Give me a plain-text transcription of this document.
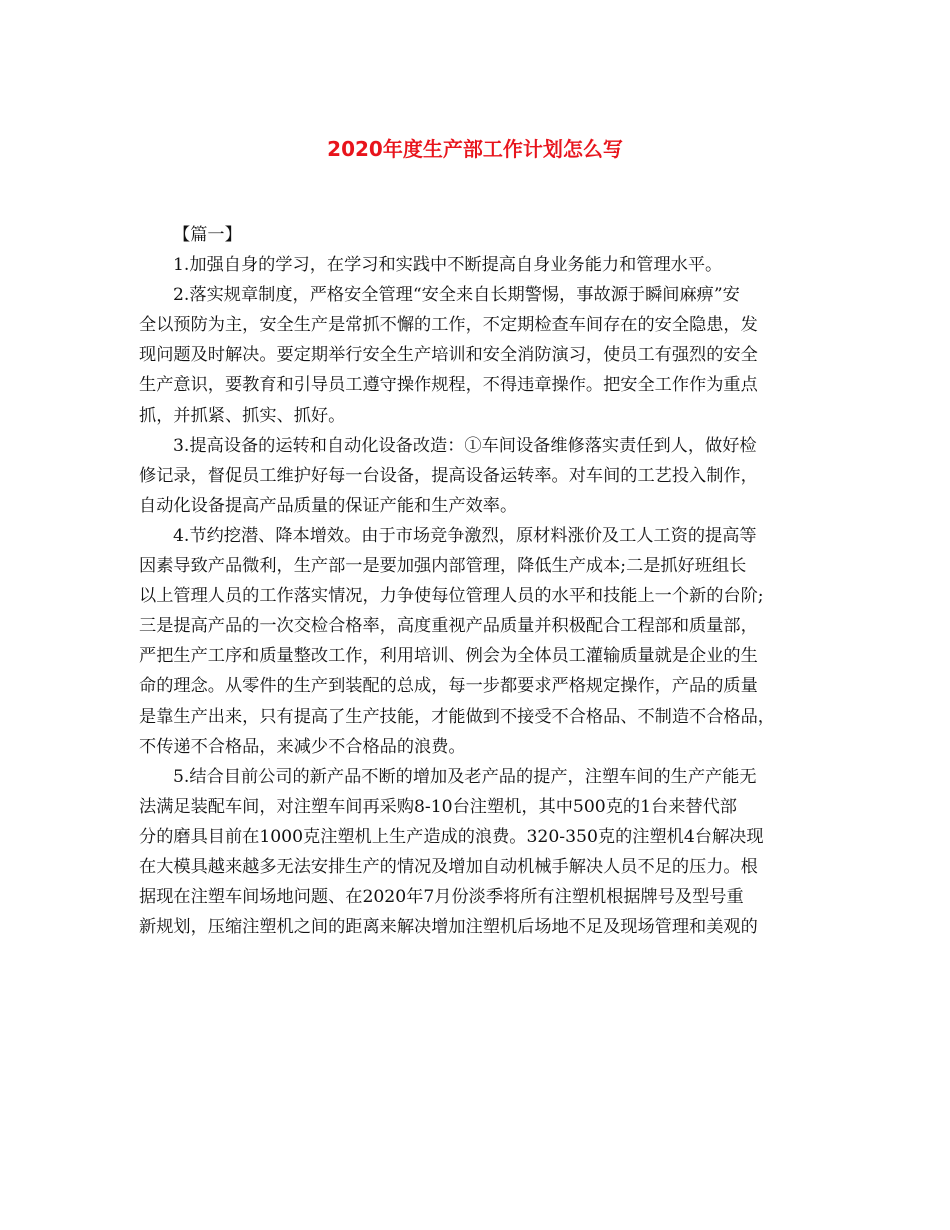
2020年度生产部工作计划怎么写
【篇一】
1.加强自身的学习，在学习和实践中不断提高自身业务能力和管理水平。
2.落实规章制度，严格安全管理“安全来自长期警惕，事故源于瞬间麻痹”安
全以预防为主，安全生产是常抓不懈的工作，不定期检查车间存在的安全隐患，发
现问题及时解决。要定期举行安全生产培训和安全消防演习，使员工有强烈的安全
生产意识，要教育和引导员工遵守操作规程，不得违章操作。把安全工作作为重点
抓，并抓紧、抓实、抓好。
3.提高设备的运转和自动化设备改造：①车间设备维修落实责任到人，做好检
修记录，督促员工维护好每一台设备，提高设备运转率。对车间的工艺投入制作，
自动化设备提高产品质量的保证产能和生产效率。
4.节约挖潜、降本增效。由于市场竞争激烈，原材料涨价及工人工资的提高等
因素导致产品微利，生产部一是要加强内部管理，降低生产成本;二是抓好班组长
以上管理人员的工作落实情况，力争使每位管理人员的水平和技能上一个新的台阶;
三是提高产品的一次交检合格率，高度重视产品质量并积极配合工程部和质量部，
严把生产工序和质量整改工作，利用培训、例会为全体员工灌输质量就是企业的生
命的理念。从零件的生产到装配的总成，每一步都要求严格规定操作，产品的质量
是靠生产出来，只有提高了生产技能，才能做到不接受不合格品、不制造不合格品，
不传递不合格品，来减少不合格品的浪费。
5.结合目前公司的新产品不断的增加及老产品的提产，注塑车间的生产产能无
法满足装配车间，对注塑车间再采购8-10台注塑机，其中500克的1台来替代部
分的磨具目前在1000克注塑机上生产造成的浪费。320-350克的注塑机4台解决现
在大模具越来越多无法安排生产的情况及增加自动机械手解决人员不足的压力。根
据现在注塑车间场地问题、在2020年7月份淡季将所有注塑机根据牌号及型号重
新规划，压缩注塑机之间的距离来解决增加注塑机后场地不足及现场管理和美观的
